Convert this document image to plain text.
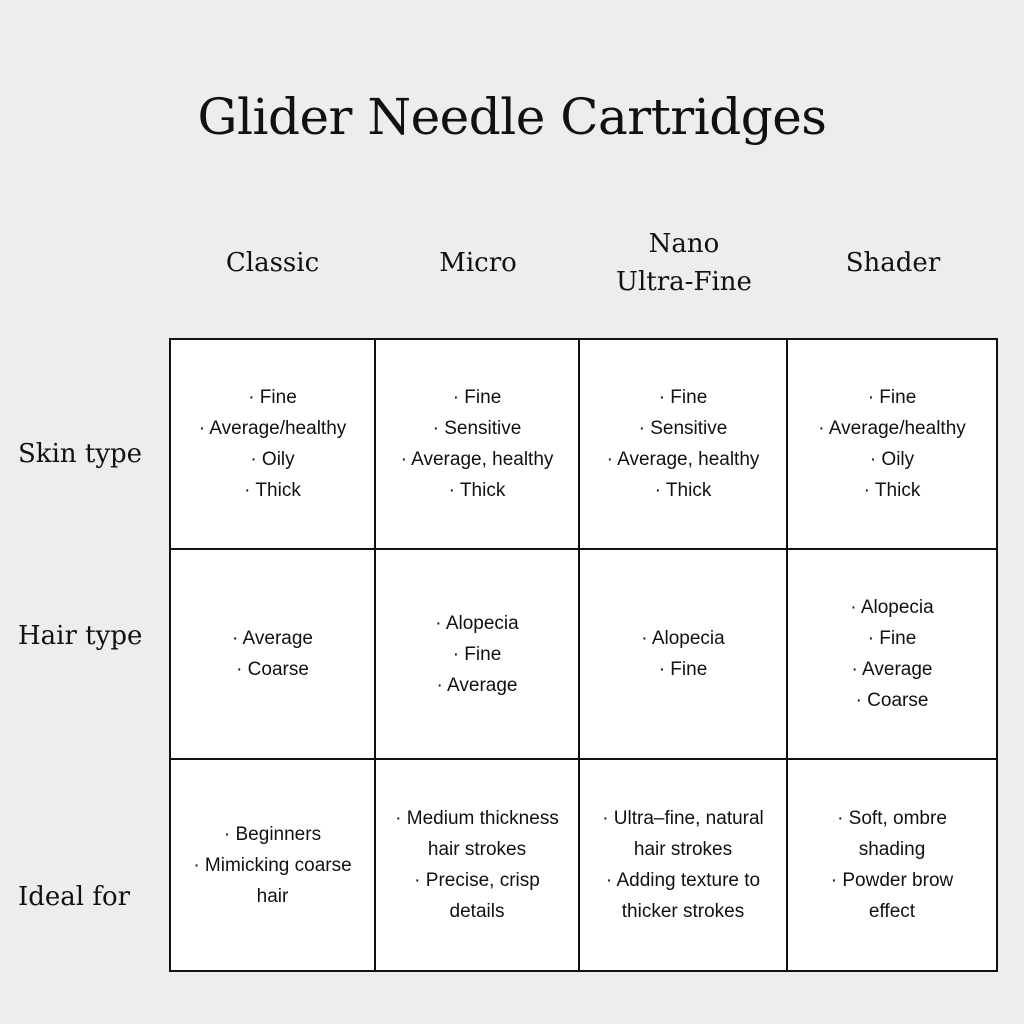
Glider Needle Cartridges
Classic	Micro
Nano
Ultra-Fine
Shader
Skin type
Hair type
Ideal for
· Fine
· Average/healthy
· Oily
· Thick
· Fine
· Sensitive
· Average, healthy
· Thick
· Fine
· Sensitive
· Average, healthy
· Thick
· Fine
· Average/healthy
· Oily
· Thick
· Average
· Coarse
· Alopecia
· Fine
· Average
· Alopecia
· Fine
· Alopecia
· Fine
· Average
· Coarse
· Beginners
· Mimicking coarse
hair
· Medium thickness
hair strokes
· Precise, crisp
details
· Ultra–fine, natural
hair strokes
· Adding texture to
thicker strokes
· Soft, ombre
shading
· Powder brow
effect
